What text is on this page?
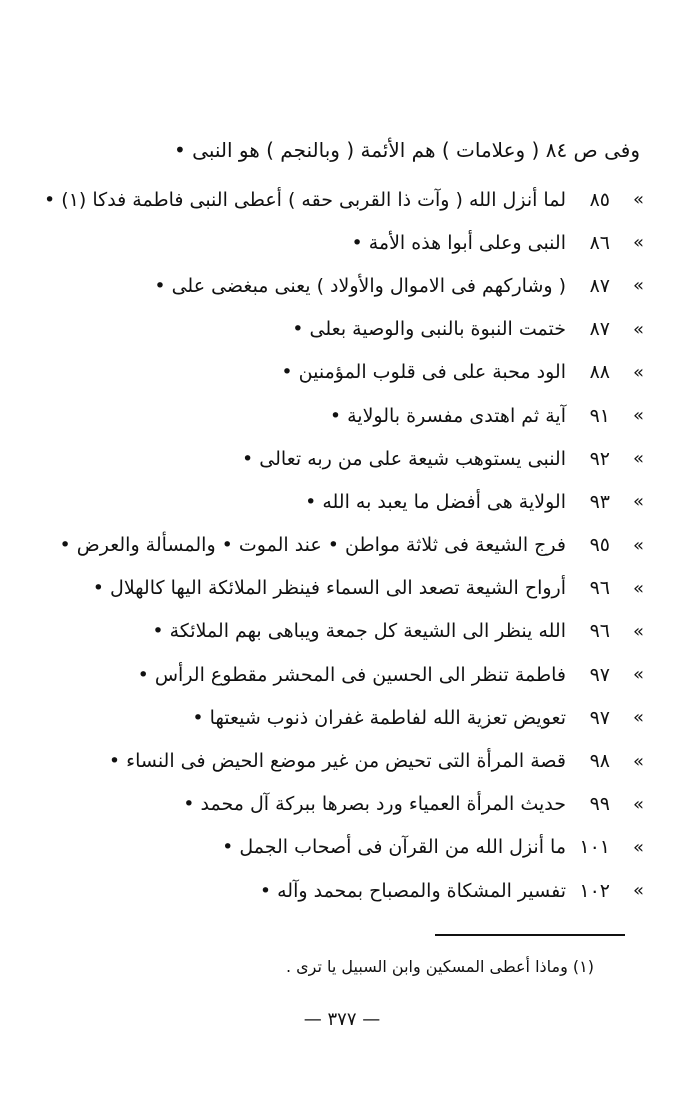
وفى ص ٨٤ ( وعلامات ) هم الأئمة ( وبالنجم ) هو النبى •
»
٨٥
لما أنزل الله ( وآت ذا القربى حقه ) أعطى النبى فاطمة فدكا (١) •
»
٨٦
النبى وعلى أبوا هذه الأمة •
»
٨٧
( وشاركهم فى الاموال والأولاد ) يعنى مبغضى على •
»
٨٧
ختمت النبوة بالنبى والوصية بعلى •
»
٨٨
الود محبة على فى قلوب المؤمنين •
»
٩١
آية ثم اهتدى مفسرة بالولاية •
»
٩٢
النبى يستوهب شيعة على من ربه تعالى •
»
٩٣
الولاية هى أفضل ما يعبد به الله •
»
٩٥
فرج الشيعة فى ثلاثة مواطن • عند الموت • والمسألة والعرض •
»
٩٦
أرواح الشيعة تصعد الى السماء فينظر الملائكة اليها كالهلال •
»
٩٦
الله ينظر الى الشيعة كل جمعة ويباهى بهم الملائكة •
»
٩٧
فاطمة تنظر الى الحسين فى المحشر مقطوع الرأس •
»
٩٧
تعويض تعزية الله لفاطمة غفران ذنوب شيعتها •
»
٩٨
قصة المرأة التى تحيض من غير موضع الحيض فى النساء •
»
٩٩
حديث المرأة العمياء ورد بصرها ببركة آل محمد •
»
١٠١
ما أنزل الله من القرآن فى أصحاب الجمل •
»
١٠٢
تفسير المشكاة والمصباح بمحمد وآله •
(١) وماذا أعطى المسكين وابن السبيل يا ترى .
— ٣٧٧ —
